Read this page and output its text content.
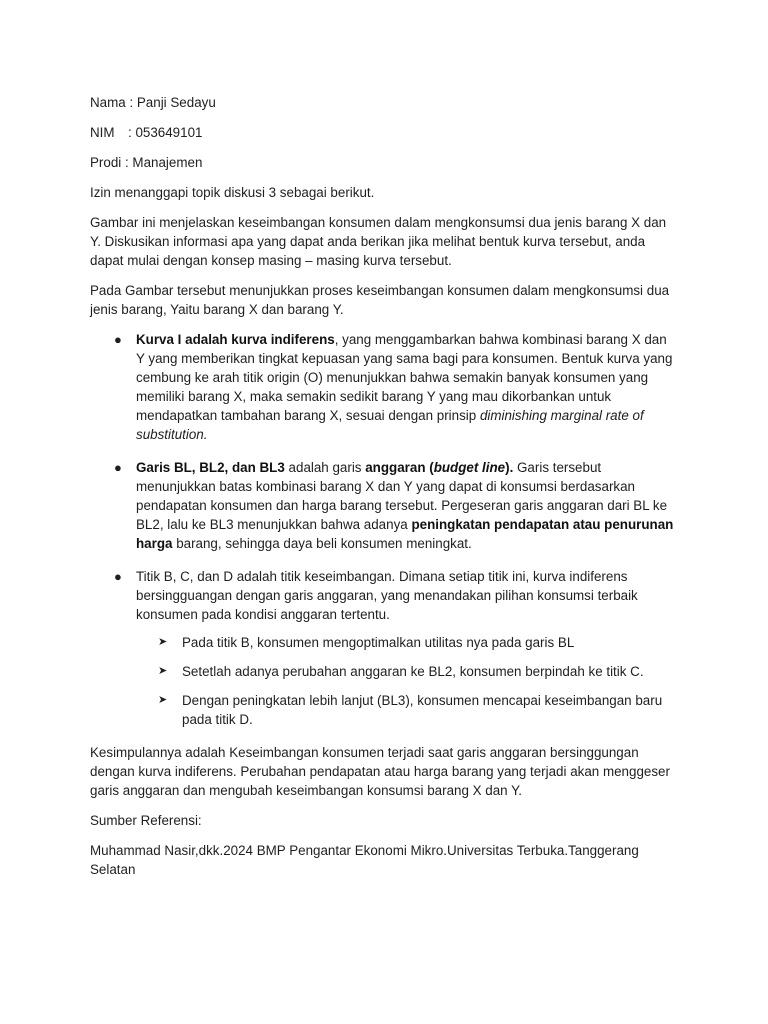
Nama : Panji Sedayu

NIM : 053649101

Prodi : Manajemen

Izin menanggapi topik diskusi 3 sebagai berikut.

Gambar ini menjelaskan keseimbangan konsumen dalam mengkonsumsi dua jenis barang X dan Y. Diskusikan informasi apa yang dapat anda berikan jika melihat bentuk kurva tersebut, anda dapat mulai dengan konsep masing – masing kurva tersebut.

Pada Gambar tersebut menunjukkan proses keseimbangan konsumen dalam mengkonsumsi dua jenis barang, Yaitu barang X dan barang Y.

● Kurva I adalah kurva indiferens, yang menggambarkan bahwa kombinasi barang X dan Y yang memberikan tingkat kepuasan yang sama bagi para konsumen. Bentuk kurva yang cembung ke arah titik origin (O) menunjukkan bahwa semakin banyak konsumen yang memiliki barang X, maka semakin sedikit barang Y yang mau dikorbankan untuk mendapatkan tambahan barang X, sesuai dengan prinsip diminishing marginal rate of substitution.
● Garis BL, BL2, dan BL3 adalah garis anggaran (budget line). Garis tersebut menunjukkan batas kombinasi barang X dan Y yang dapat di konsumsi berdasarkan pendapatan konsumen dan harga barang tersebut. Pergeseran garis anggaran dari BL ke BL2, lalu ke BL3 menunjukkan bahwa adanya peningkatan pendapatan atau penurunan harga barang, sehingga daya beli konsumen meningkat.
● Titik B, C, dan D adalah titik keseimbangan. Dimana setiap titik ini, kurva indiferens bersingguangan dengan garis anggaran, yang menandakan pilihan konsumsi terbaik konsumen pada kondisi anggaran tertentu.
➤ Pada titik B, konsumen mengoptimalkan utilitas nya pada garis BL
➤ Setetlah adanya perubahan anggaran ke BL2, konsumen berpindah ke titik C.
➤ Dengan peningkatan lebih lanjut (BL3), konsumen mencapai keseimbangan baru pada titik D.

Kesimpulannya adalah Keseimbangan konsumen terjadi saat garis anggaran bersinggungan dengan kurva indiferens. Perubahan pendapatan atau harga barang yang terjadi akan menggeser garis anggaran dan mengubah keseimbangan konsumsi barang X dan Y.

Sumber Referensi:

Muhammad Nasir,dkk.2024 BMP Pengantar Ekonomi Mikro.Universitas Terbuka.Tanggerang Selatan
